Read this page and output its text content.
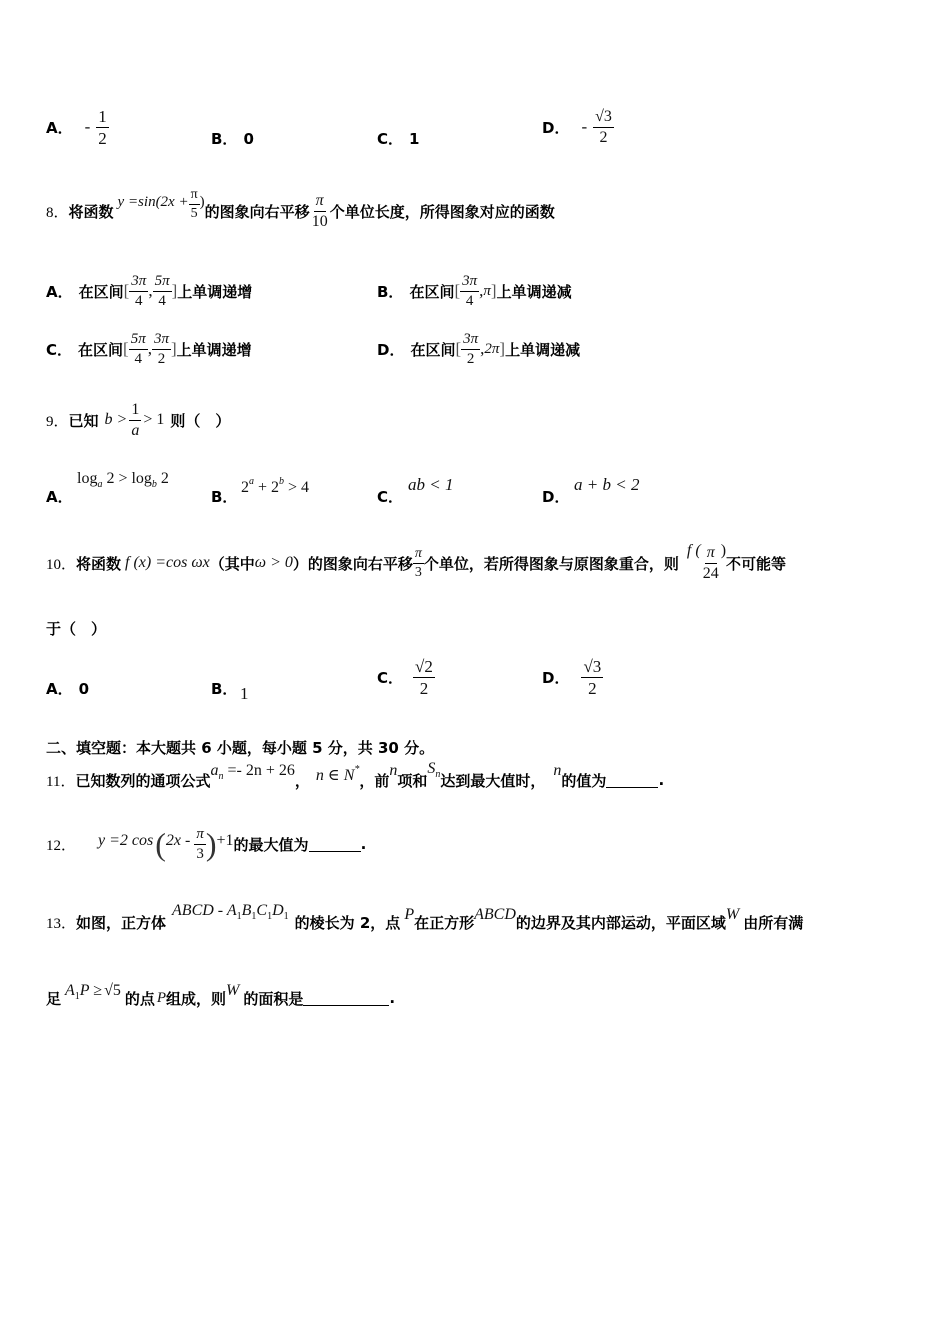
A． - $\frac{1}{2}$	B． 0	C． 1
D． - $\frac{√3}{2}$
8． 将函数
$y =\sin(2x + \frac{\pi}{5}$ )
的图象向右平移 $\frac{\pi}{10}$ 个单位长度，所得图象对应的函数
A． 在区间 [ $\frac{3\pi}{4}$ , $\frac{5\pi}{4}$ ] 上单调递增	B． 在区间 [ $\frac{3\pi}{4}$ , π ] 上单调递减
C． 在区间 [ $\frac{5\pi}{4}$ , $\frac{3\pi}{2}$ ] 上单调递增	D． 在区间 [ $\frac{3\pi}{2}$ , 2π ] 上单调递减
9． 已知 $b > \frac{1}{a} > 1$ 则（　）
A．
$\log_a 2 > \log_b 2$
B．
$2^a + 2^b > 4$
C．
ab < 1
D．
a + b < 2
10． 将函数 f (x) =cos ωx （其中 ω > 0 ）的图象向右平移 $\frac{\pi}{3}$ 个单位，若所得图象与原图象重合，则
f ( $\frac{\pi}{24}$ )
不可能等
于（　）
A． 0	B． 1
C． $\frac{√2}{2}$	D． $\frac{√3}{2}$
二、填空题：本大题共 6 小题，每小题 5 分，共 30 分。
11． 已知数列的通项公式
$a_n =- 2n + 26$
， n ∈ N*
，前
n
项和
$S_n$ 达到最大值时，
n
的值为	.
12． y =2 cos ( $2x - \frac{\pi}{3}$ ) +1 的最大值为	.
13． 如图，正方体
ABCD - $A_1B_1C_1D_1$ 的棱长为 2，点 P 在正方形 ABCD 的边界及其内部运动，平面区域 W 由所有满
足 $A_1P \ge √5$ 的点 P 组成，则 W 的面积是	.
